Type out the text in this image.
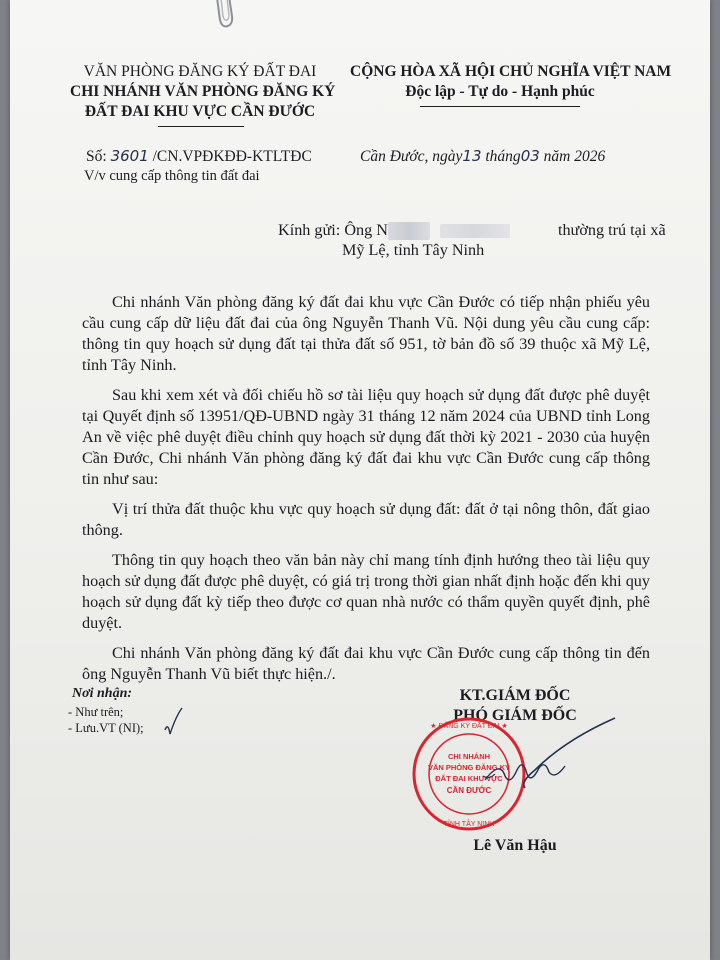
VĂN PHÒNG ĐĂNG KÝ ĐẤT ĐAI
CHI NHÁNH VĂN PHÒNG ĐĂNG KÝ
ĐẤT ĐAI KHU VỰC CẦN ĐƯỚC
CỘNG HÒA XÃ HỘI CHỦ NGHĨA VIỆT NAM
Độc lập - Tự do - Hạnh phúc
Số: 3601 /CN.VPĐKĐĐ-KTLTĐC
V/v cung cấp thông tin đất đai
Cần Đước, ngày13 tháng03 năm 2026
Kính gửi: Ông N	thường trú tại xã
Mỹ Lệ, tỉnh Tây Ninh

Chi nhánh Văn phòng đăng ký đất đai khu vực Cần Đước có tiếp nhận phiếu yêu cầu cung cấp dữ liệu đất đai của ông Nguyễn Thanh Vũ. Nội dung yêu cầu cung cấp: thông tin quy hoạch sử dụng đất tại thửa đất số 951, tờ bản đồ số 39 thuộc xã Mỹ Lệ, tỉnh Tây Ninh.

Sau khi xem xét và đối chiếu hồ sơ tài liệu quy hoạch sử dụng đất được phê duyệt tại Quyết định số 13951/QĐ-UBND ngày 31 tháng 12 năm 2024 của UBND tỉnh Long An về việc phê duyệt điều chỉnh quy hoạch sử dụng đất thời kỳ 2021 - 2030 của huyện Cần Đước, Chi nhánh Văn phòng đăng ký đất đai khu vực Cần Đước cung cấp thông tin như sau:

Vị trí thửa đất thuộc khu vực quy hoạch sử dụng đất: đất ở tại nông thôn, đất giao thông.

Thông tin quy hoạch theo văn bản này chỉ mang tính định hướng theo tài liệu quy hoạch sử dụng đất được phê duyệt, có giá trị trong thời gian nhất định hoặc đến khi quy hoạch sử dụng đất kỳ tiếp theo được cơ quan nhà nước có thẩm quyền quyết định, phê duyệt.

Chi nhánh Văn phòng đăng ký đất đai khu vực Cần Đước cung cấp thông tin đến ông Nguyễn Thanh Vũ biết thực hiện./.

Nơi nhận:
- Như trên;
- Lưu.VT (NI);
KT.GIÁM ĐỐC
PHÓ GIÁM ĐỐC
★ ĐĂNG KÝ ĐẤT ĐAI ★
TỈNH TÂY NINH
CHI NHÁNH
VĂN PHÒNG ĐĂNG KÝ
ĐẤT ĐAI KHU VỰC
CẦN ĐƯỚC
Lê Văn Hậu
